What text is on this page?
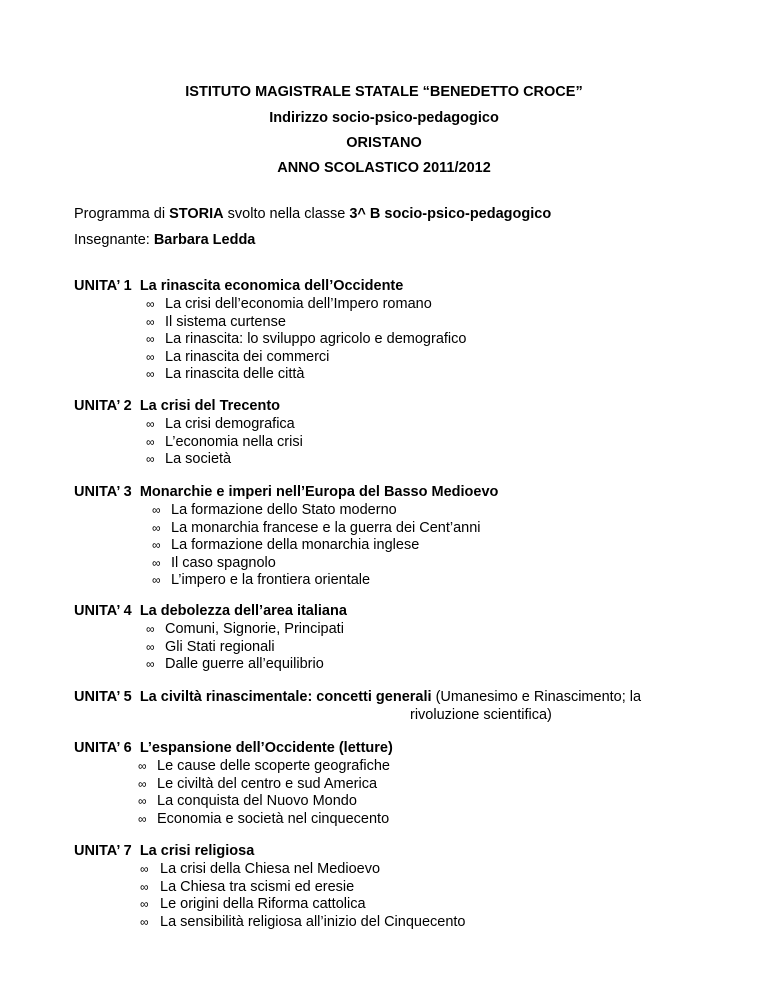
ISTITUTO MAGISTRALE STATALE “BENEDETTO CROCE”
Indirizzo socio-psico-pedagogico
ORISTANO
ANNO SCOLASTICO 2011/2012
Programma di STORIA svolto nella classe 3^ B socio-psico-pedagogico
Insegnante: Barbara Ledda
UNITA’ 1 La rinascita economica dell’Occidente
∞ La crisi dell’economia dell’Impero romano
∞ Il sistema curtense
∞ La rinascita: lo sviluppo agricolo e demografico
∞ La rinascita dei commerci
∞ La rinascita delle città
UNITA’ 2 La crisi del Trecento
∞ La crisi demografica
∞ L’economia nella crisi
∞ La società
UNITA’ 3 Monarchie e imperi nell’Europa del Basso Medioevo
∞ La formazione dello Stato moderno
∞ La monarchia francese e la guerra dei Cent’anni
∞ La formazione della monarchia inglese
∞ Il caso spagnolo
∞ L’impero e la frontiera orientale
UNITA’ 4 La debolezza dell’area italiana
∞ Comuni, Signorie, Principati
∞ Gli Stati regionali
∞ Dalle guerre all’equilibrio
UNITA’ 5 La civiltà rinascimentale: concetti generali (Umanesimo e Rinascimento; la
rivoluzione scientifica)
UNITA’ 6 L’espansione dell’Occidente (letture)
∞ Le cause delle scoperte geografiche
∞ Le civiltà del centro e sud America
∞ La conquista del Nuovo Mondo
∞ Economia e società nel cinquecento
UNITA’ 7 La crisi religiosa
∞ La crisi della Chiesa nel Medioevo
∞ La Chiesa tra scismi ed eresie
∞ Le origini della Riforma cattolica
∞ La sensibilità religiosa all’inizio del Cinquecento
